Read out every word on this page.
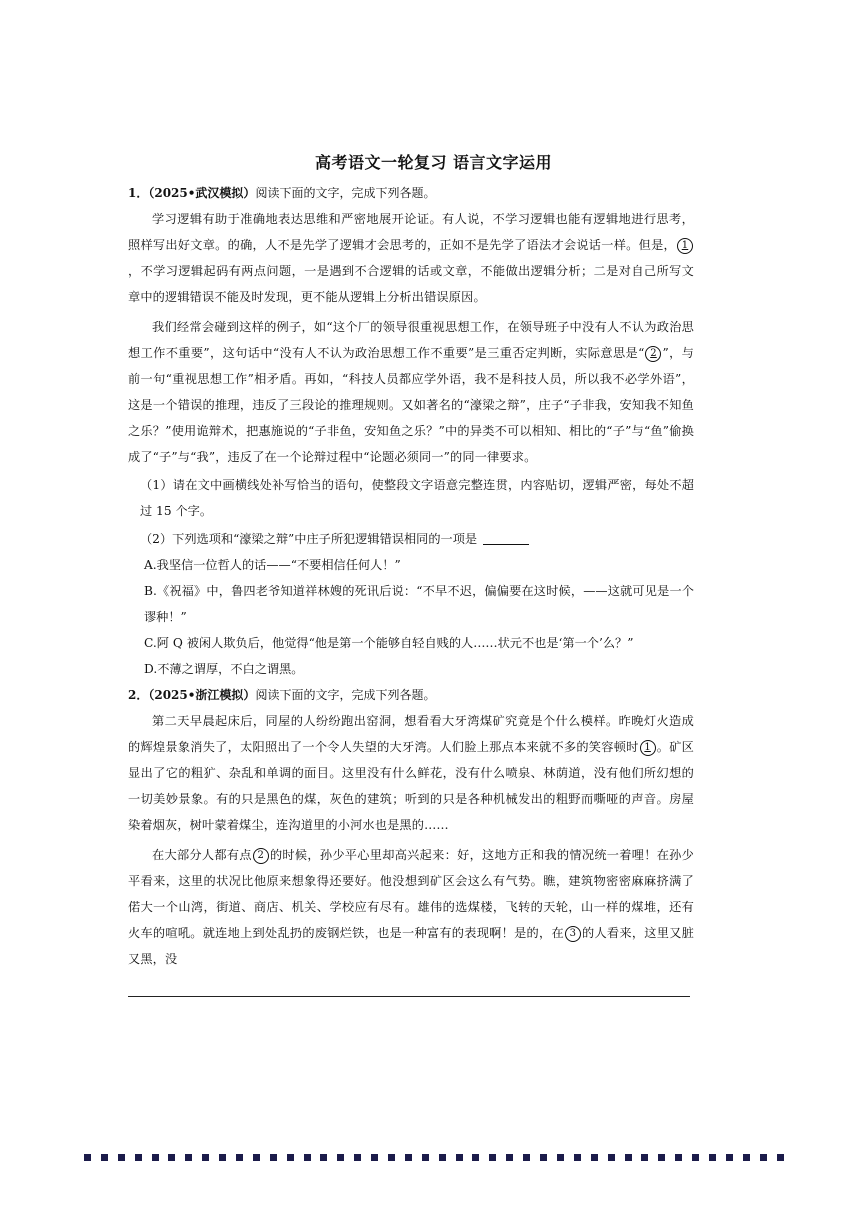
高考语文一轮复习 语言文字运用

1．（2025•武汉模拟）阅读下面的文字，完成下列各题。

学习逻辑有助于准确地表达思维和严密地展开论证。有人说，不学习逻辑也能有逻辑地进行思考，照样写出好文章。的确，人不是先学了逻辑才会思考的，正如不是先学了语法才会说话一样。但是， 1，不学习逻辑起码有两点问题，一是遇到不合逻辑的话或文章，不能做出逻辑分析；二是对自己所写文章中的逻辑错误不能及时发现，更不能从逻辑上分析出错误原因。

我们经常会碰到这样的例子，如“这个厂的领导很重视思想工作，在领导班子中没有人不认为政治思想工作不重要”，这句话中“没有人不认为政治思想工作不重要”是三重否定判断，实际意思是“ 2 ”，与前一句“重视思想工作”相矛盾。再如，“科技人员都应学外语，我不是科技人员，所以我不必学外语”，这是一个错误的推理，违反了三段论的推理规则。又如著名的“濠梁之辩”，庄子“子非我，安知我不知鱼之乐？”使用诡辩术，把惠施说的“子非鱼，安知鱼之乐？”中的异类不可以相知、相比的“子”与“鱼”偷换成了“子”与“我”，违反了在一个论辩过程中“论题必须同一”的同一律要求。

（1）请在文中画横线处补写恰当的语句，使整段文字语意完整连贯，内容贴切，逻辑严密，每处不超过 15 个字。

（2）下列选项和“濠梁之辩”中庄子所犯逻辑错误相同的一项是

A.我坚信一位哲人的话——“不要相信任何人！”

B.《祝福》中，鲁四老爷知道祥林嫂的死讯后说：“不早不迟，偏偏要在这时候，——这就可见是一个谬种！”

C.阿 Q 被闲人欺负后，他觉得“他是第一个能够自轻自贱的人……状元不也是‘第一个’么？”

D.不薄之谓厚，不白之谓黑。

2．（2025•浙江模拟）阅读下面的文字，完成下列各题。

第二天早晨起床后，同屋的人纷纷跑出窑洞，想看看大牙湾煤矿究竟是个什么模样。昨晚灯火造成的辉煌景象消失了，太阳照出了一个令人失望的大牙湾。人们脸上那点本来就不多的笑容顿时 1 。矿区显出了它的粗犷、杂乱和单调的面目。这里没有什么鲜花，没有什么喷泉、林荫道，没有他们所幻想的一切美妙景象。有的只是黑色的煤，灰色的建筑；听到的只是各种机械发出的粗野而嘶哑的声音。房屋染着烟灰，树叶蒙着煤尘，连沟道里的小河水也是黑的……

在大部分人都有点 2 的时候，孙少平心里却高兴起来：好，这地方正和我的情况统一着哩！在孙少平看来，这里的状况比他原来想象得还要好。他没想到矿区会这么有气势。瞧，建筑物密密麻麻挤满了偌大一个山湾，街道、商店、机关、学校应有尽有。雄伟的选煤楼，飞转的天轮，山一样的煤堆，还有火车的喧吼。就连地上到处乱扔的废钢烂铁，也是一种富有的表现啊！是的，在 3 的人看来，这里又脏又黑，没
